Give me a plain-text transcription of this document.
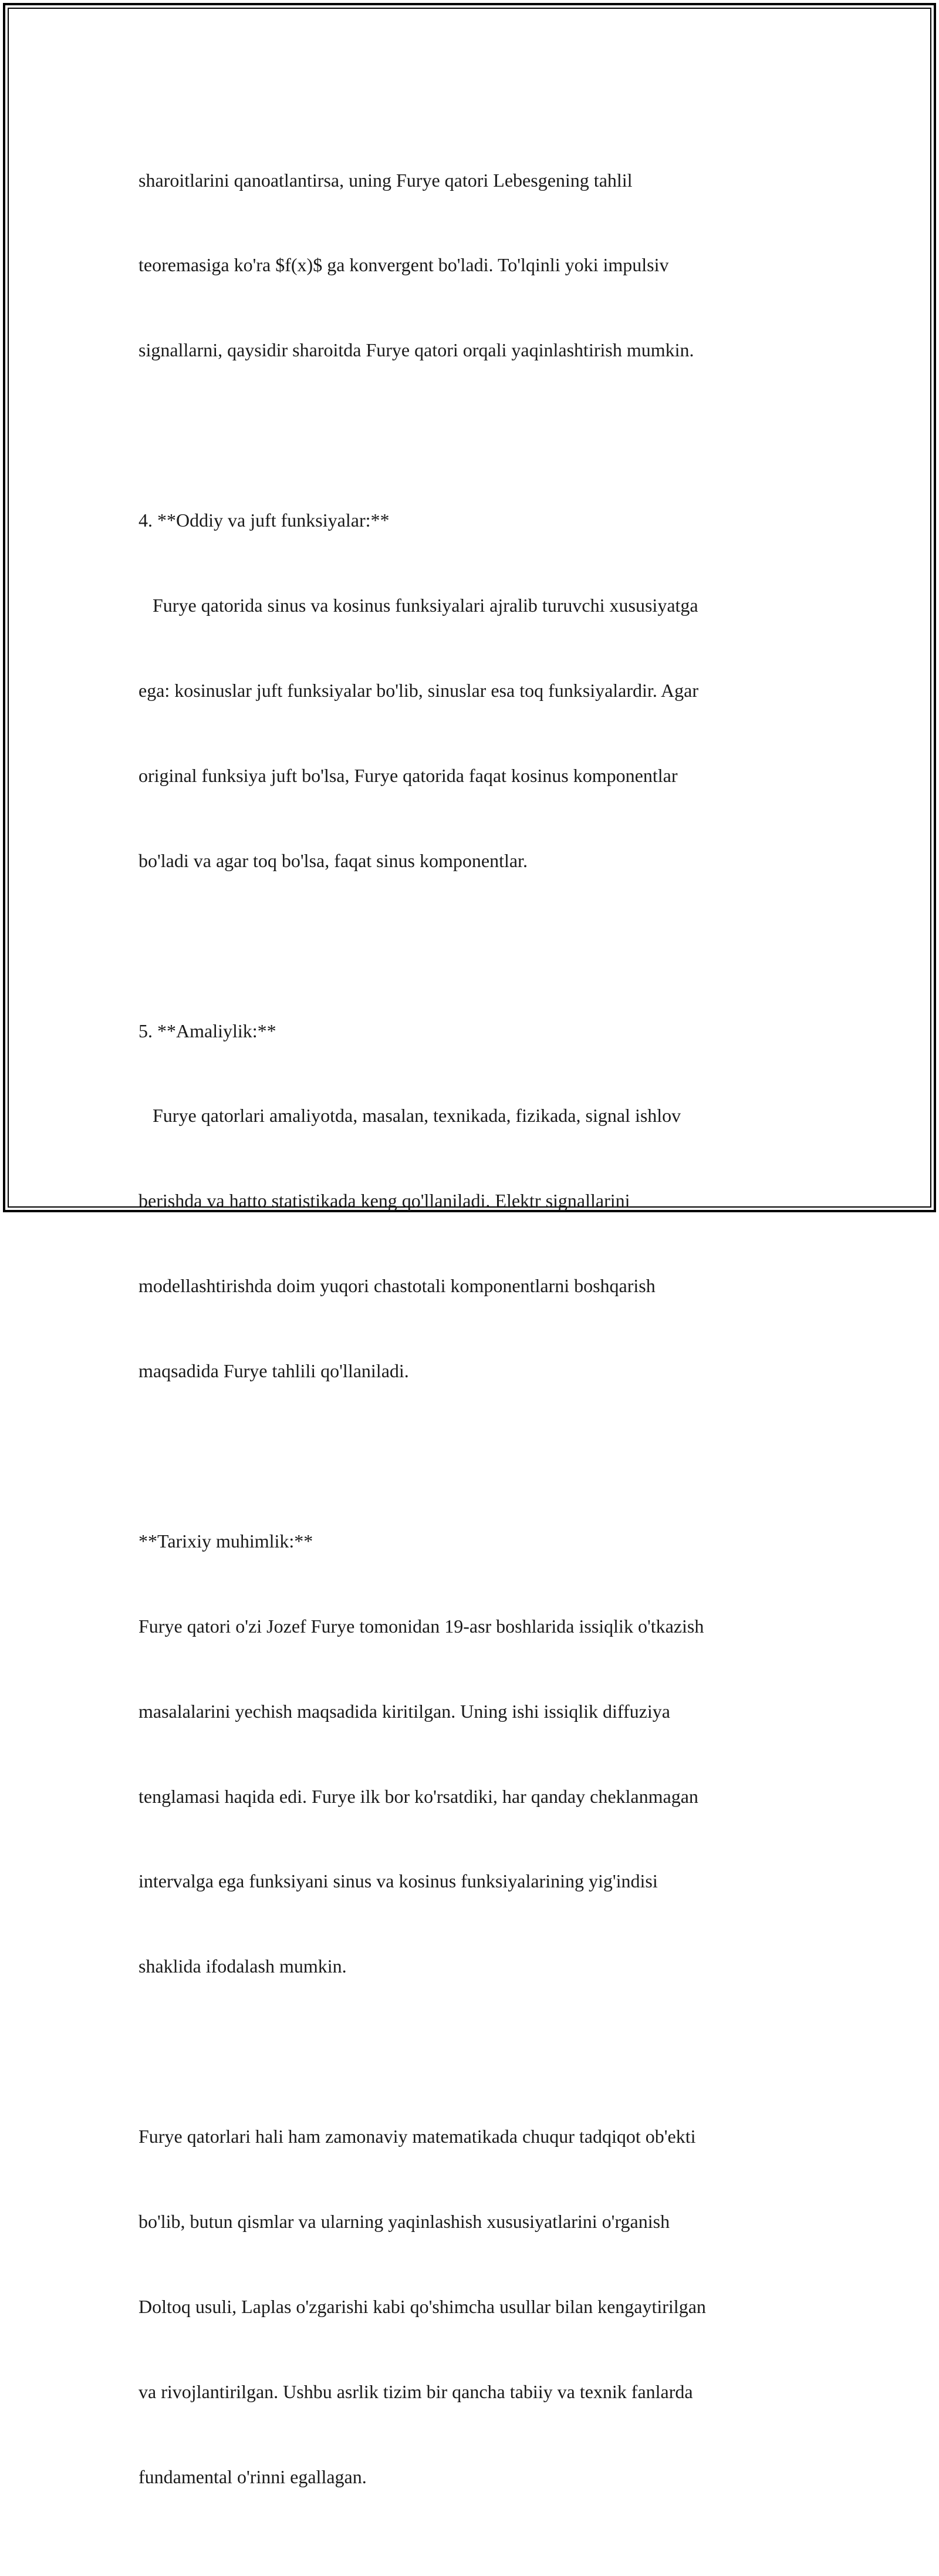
sharoitlarini qanoatlantirsa, uning Furye qatori Lebesgening tahlil

teoremasiga ko'ra $f(x)$ ga konvergent bo'ladi. To'lqinli yoki impulsiv

signallarni, qaysidir sharoitda Furye qatori orqali yaqinlashtirish mumkin.

4. **Oddiy va juft funksiyalar:**

Furye qatorida sinus va kosinus funksiyalari ajralib turuvchi xususiyatga

ega: kosinuslar juft funksiyalar bo'lib, sinuslar esa toq funksiyalardir. Agar

original funksiya juft bo'lsa, Furye qatorida faqat kosinus komponentlar

bo'ladi va agar toq bo'lsa, faqat sinus komponentlar.

5. **Amaliylik:**

Furye qatorlari amaliyotda, masalan, texnikada, fizikada, signal ishlov

berishda va hatto statistikada keng qo'llaniladi. Elektr signallarini

modellashtirishda doim yuqori chastotali komponentlarni boshqarish

maqsadida Furye tahlili qo'llaniladi.

**Tarixiy muhimlik:**

Furye qatori o'zi Jozef Furye tomonidan 19-asr boshlarida issiqlik o'tkazish

masalalarini yechish maqsadida kiritilgan. Uning ishi issiqlik diffuziya

tenglamasi haqida edi. Furye ilk bor ko'rsatdiki, har qanday cheklanmagan

intervalga ega funksiyani sinus va kosinus funksiyalarining yig'indisi

shaklida ifodalash mumkin.

Furye qatorlari hali ham zamonaviy matematikada chuqur tadqiqot ob'ekti

bo'lib, butun qismlar va ularning yaqinlashish xususiyatlarini o'rganish

Doltoq usuli, Laplas o'zgarishi kabi qo'shimcha usullar bilan kengaytirilgan

va rivojlantirilgan. Ushbu asrlik tizim bir qancha tabiiy va texnik fanlarda

fundamental o'rinni egallagan.
